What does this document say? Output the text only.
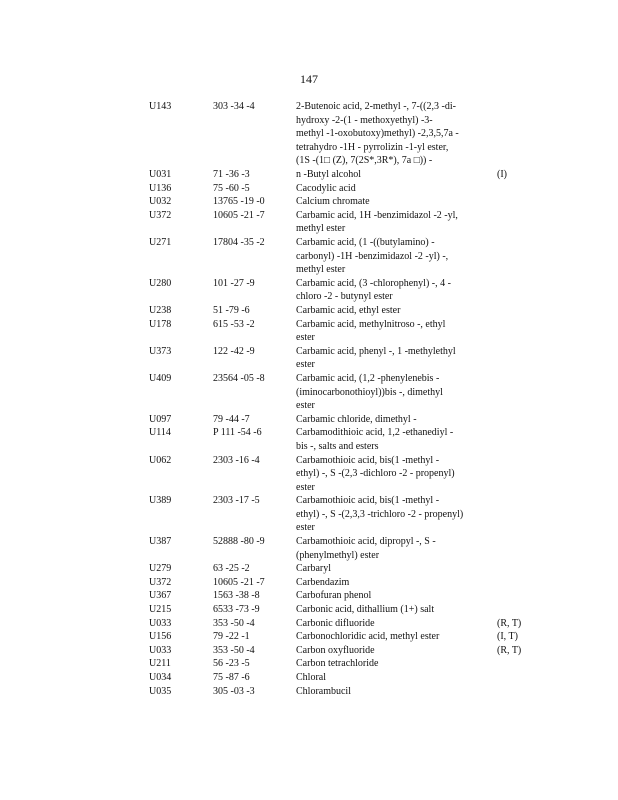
147
U143	303 -34 -4	2-Butenoic acid, 2-methyl -, 7-((2,3 -di-
hydroxy -2-(1 - methoxyethyl) -3-
methyl -1-oxobutoxy)methyl) -2,3,5,7a -
tetrahydro -1H - pyrrolizin -1-yl ester,
(1S -(1□ (Z), 7(2S*,3R*), 7a □)) -
U031	71 -36 -3	n -Butyl alcohol	(I)
U136	75 -60 -5	Cacodylic acid
U032	13765 -19 -0	Calcium chromate
U372	10605 -21 -7	Carbamic acid, 1H -benzimidazol -2 -yl,
methyl ester
U271	17804 -35 -2	Carbamic acid, (1 -((butylamino) -
carbonyl) -1H -benzimidazol -2 -yl) -,
methyl ester
U280	101 -27 -9	Carbamic acid, (3 -chlorophenyl) -, 4 -
chloro -2 - butynyl ester
U238	51 -79 -6	Carbamic acid, ethyl ester
U178	615 -53 -2	Carbamic acid, methylnitroso -, ethyl
ester
U373	122 -42 -9	Carbamic acid, phenyl -, 1 -methylethyl
ester
U409	23564 -05 -8	Carbamic acid, (1,2 -phenylenebis -
(iminocarbonothioyl))bis -, dimethyl
ester
U097	79 -44 -7	Carbamic chloride, dimethyl -
U114	P 111 -54 -6	Carbamodithioic acid, 1,2 -ethanediyl -
bis -, salts and esters
U062	2303 -16 -4	Carbamothioic acid, bis(1 -methyl -
ethyl) -, S -(2,3 -dichloro -2 - propenyl)
ester
U389	2303 -17 -5	Carbamothioic acid, bis(1 -methyl -
ethyl) -, S -(2,3,3 -trichloro -2 - propenyl)
ester
U387	52888 -80 -9	Carbamothioic acid, dipropyl -, S -
(phenylmethyl) ester
U279	63 -25 -2	Carbaryl
U372	10605 -21 -7	Carbendazim
U367	1563 -38 -8	Carbofuran phenol
U215	6533 -73 -9	Carbonic acid, dithallium (1+) salt
U033	353 -50 -4	Carbonic difluoride	(R, T)
U156	79 -22 -1	Carbonochloridic acid, methyl ester	(I, T)
U033	353 -50 -4	Carbon oxyfluoride	(R, T)
U211	56 -23 -5	Carbon tetrachloride
U034	75 -87 -6	Chloral
U035	305 -03 -3	Chlorambucil
